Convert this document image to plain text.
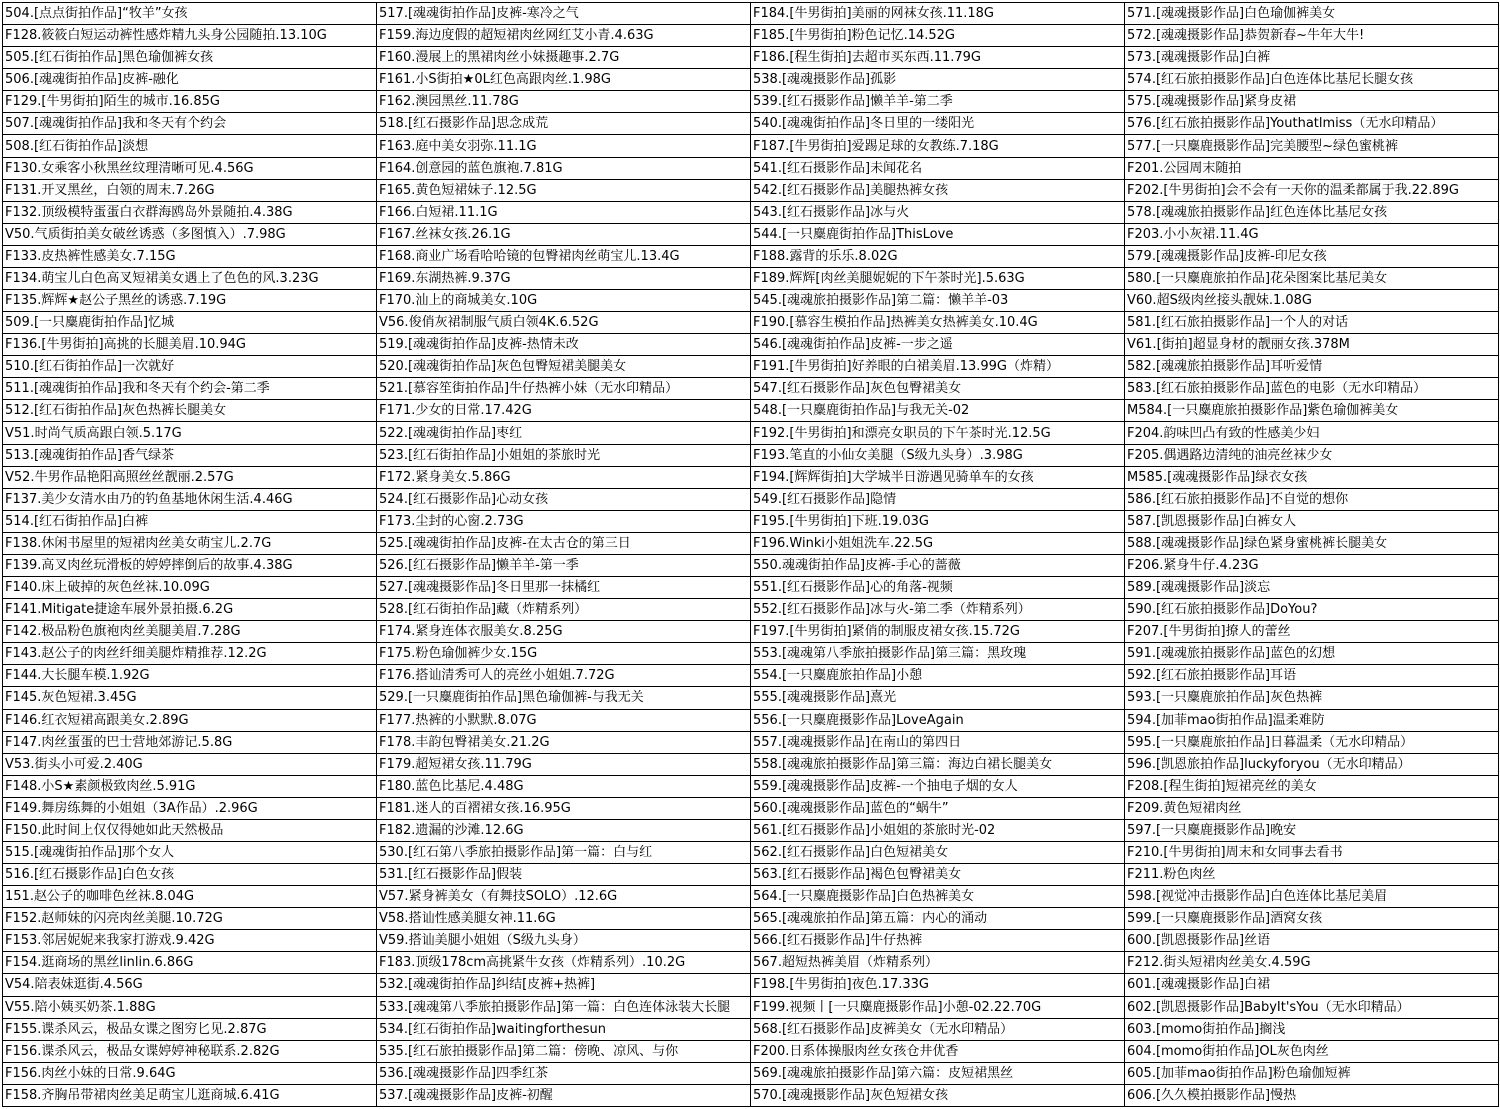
504.[点点街拍作品]“牧羊”女孩	517.[魂魂街拍作品]皮裤-寒冷之气	F184.[牛男街拍]美丽的网袜女孩.11.18G	571.[魂魂摄影作品]白色瑜伽裤美女
F128.筱筱白短运动裤性感炸精九头身公园随拍.13.10G	F159.海边度假的超短裙肉丝网红艾小青.4.63G	F185.[牛男街拍]粉色记忆.14.52G	572.[魂魂摄影作品]恭贺新春~牛年大牛!
505.[红石街拍作品]黑色瑜伽裤女孩	F160.漫展上的黑裙肉丝小妹摄趣事.2.7G	F186.[程生街拍]去超市买东西.11.79G	573.[魂魂摄影作品]白裤
506.[魂魂街拍作品]皮裤-融化	F161.小S街拍★0L红色高跟肉丝.1.98G	538.[魂魂摄影作品]孤影	574.[红石旅拍摄影作品]白色连体比基尼长腿女孩
F129.[牛男街拍]陌生的城市.16.85G	F162.澳园黑丝.11.78G	539.[红石摄影作品]懒羊羊-第二季	575.[魂魂摄影作品]紧身皮裙
507.[魂魂街拍作品]我和冬天有个约会	518.[红石摄影作品]思念成荒	540.[魂魂街拍作品]冬日里的一缕阳光	576.[红石旅拍摄影作品]Youthatlmiss（无水印精品）
508.[红石街拍作品]淡想	F163.庭中美女羽弥.11.1G	F187.[牛男街拍]爱踢足球的女教练.7.18G	577.[一只麋鹿摄影作品]完美腰型~绿色蜜桃裤
F130.女乘客小秋黑丝纹理清晰可见.4.56G	F164.创意园的蓝色旗袍.7.81G	541.[红石摄影作品]未闻花名	F201.公园周末随拍
F131.开叉黑丝，白领的周末.7.26G	F165.黄色短裙妹子.12.5G	542.[红石摄影作品]美腿热裤女孩	F202.[牛男街拍]会不会有一天你的温柔都属于我.22.89G
F132.顶级模特蛋蛋白衣群海鸥岛外景随拍.4.38G	F166.白短裙.11.1G	543.[红石摄影作品]冰与火	578.[魂魂旅拍摄影作品]红色连体比基尼女孩
V50.气质街拍美女破丝诱惑（多图慎入）.7.98G	F167.丝袜女孩.26.1G	544.[一只麋鹿街拍作品]ThisLove	F203.小小灰裙.11.4G
F133.皮热裤性感美女.7.15G	F168.商业广场看哈哈镜的包臀裙肉丝萌宝儿.13.4G	F188.露背的乐乐.8.02G	579.[魂魂摄影作品]皮裤-印尼女孩
F134.萌宝儿白色高叉短裙美女遇上了色色的风.3.23G	F169.东湖热裤.9.37G	F189.辉辉[肉丝美腿妮妮的下午茶时光].5.63G	580.[一只麋鹿旅拍作品]花朵图案比基尼美女
F135.辉辉★赵公子黑丝的诱惑.7.19G	F170.汕上的商城美女.10G	545.[魂魂旅拍摄影作品]第二篇：懒羊羊-03	V60.超S级肉丝接头靓妹.1.08G
509.[一只麋鹿街拍作品]忆城	V56.俊俏灰裙制服气质白领4K.6.52G	F190.[慕容生模拍作品]热裤美女热裤美女.10.4G	581.[红石旅拍摄影作品]一个人的对话
F136.[牛男街拍]高挑的长腿美眉.10.94G	519.[魂魂街拍作品]皮裤-热情未改	546.[魂魂街拍作品]皮裤-一步之遥	V61.[街拍]超显身材的靓丽女孩.378M
510.[红石街拍作品]一次就好	520.[魂魂街拍作品]灰色包臀短裙美腿美女	F191.[牛男街拍]好养眼的白裙美眉.13.99G（炸精）	582.[魂魂旅拍摄影作品]耳听爱情
511.[魂魂街拍作品]我和冬天有个约会-第二季	521.[慕容笙街拍作品]牛仔热裤小妹（无水印精品）	547.[红石摄影作品]灰色包臀裙美女	583.[红石旅拍摄影作品]蓝色的电影（无水印精品）
512.[红石街拍作品]灰色热裤长腿美女	F171.少女的日常.17.42G	548.[一只麋鹿街拍作品]与我无关-02	M584.[一只麋鹿旅拍摄影作品]紫色瑜伽裤美女
V51.时尚气质高跟白领.5.17G	522.[魂魂街拍作品]枣红	F192.[牛男街拍]和漂亮女职员的下午茶时光.12.5G	F204.韵味凹凸有致的性感美少妇
513.[魂魂街拍作品]香气绿茶	523.[红石街拍作品]小姐姐的茶旅时光	F193.笔直的小仙女美腿（S级九头身）.3.98G	F205.偶遇路边清纯的油亮丝袜少女
V52.牛男作品艳阳高照丝丝靓丽.2.57G	F172.紧身美女.5.86G	F194.[辉辉街拍]大学城半日游遇见骑单车的女孩	M585.[魂魂摄影作品]绿衣女孩
F137.美少女清水由乃的钓鱼基地休闲生活.4.46G	524.[红石摄影作品]心动女孩	549.[红石摄影作品]隐情	586.[红石旅拍摄影作品]不自觉的想你
514.[红石街拍作品]白裤	F173.尘封的心窗.2.73G	F195.[牛男街拍]下班.19.03G	587.[凯恩摄影作品]白裤女人
F138.休闲书屋里的短裙肉丝美女萌宝儿.2.7G	525.[魂魂街拍作品]皮裤-在太古仓的第三日	F196.Winki小姐姐洗车.22.5G	588.[魂魂摄影作品]绿色紧身蜜桃裤长腿美女
F139.高叉肉丝玩滑板的婷婷摔倒后的故事.4.38G	526.[红石摄影作品]懒羊羊-第一季	550.魂魂街拍作品]皮裤-手心的蔷薇	F206.紧身牛仔.4.23G
F140.床上破掉的灰色丝袜.10.09G	527.[魂魂摄影作品]冬日里那一抹橘红	551.[红石摄影作品]心的角落-视频	589.[魂魂摄影作品]淡忘
F141.Mitigate捷途车展外景拍摄.6.2G	528.[红石街拍作品]藏（炸精系列）	552.[红石摄影作品]冰与火-第二季（炸精系列）	590.[红石旅拍摄影作品]DoYou?
F142.极品粉色旗袍肉丝美腿美眉.7.28G	F174.紧身连体衣服美女.8.25G	F197.[牛男街拍]紧俏的制服皮裙女孩.15.72G	F207.[牛男街拍]撩人的蕾丝
F143.赵公子的肉丝纤细美腿炸精推荐.12.2G	F175.粉色瑜伽裤少女.15G	553.[魂魂第八季旅拍摄影作品]第三篇：黑玫瑰	591.[魂魂旅拍摄影作品]蓝色的幻想
F144.大长腿车模.1.92G	F176.搭讪清秀可人的亮丝小姐姐.7.72G	554.[一只麋鹿旅拍作品]小憩	592.[红石旅拍摄影作品]耳语
F145.灰色短裙.3.45G	529.[一只麋鹿街拍作品]黑色瑜伽裤-与我无关	555.[魂魂摄影作品]熹光	593.[一只麋鹿旅拍作品]灰色热裤
F146.红衣短裙高跟美女.2.89G	F177.热裤的小默默.8.07G	556.[一只麋鹿摄影作品]LoveAgain	594.[加菲mao街拍作品]温柔难防
F147.肉丝蛋蛋的巴士营地郊游记.5.8G	F178.丰韵包臀裙美女.21.2G	557.[魂魂摄影作品]在南山的第四日	595.[一只麋鹿旅拍作品]日暮温柔（无水印精品）
V53.街头小可爱.2.40G	F179.超短裙女孩.11.79G	558.[魂魂旅拍摄影作品]第三篇：海边白裙长腿美女	596.[凯恩旅拍作品]luckyforyou（无水印精品）
F148.小S★素颜极致肉丝.5.91G	F180.蓝色比基尼.4.48G	559.[魂魂摄影作品]皮裤-一个抽电子烟的女人	F208.[程生街拍]短裙亮丝的美女
F149.舞房练舞的小姐姐（3A作品）.2.96G	F181.迷人的百褶裙女孩.16.95G	560.[魂魂摄影作品]蓝色的“蜗牛”	F209.黄色短裙肉丝
F150.此时间上仅仅得她如此天然极品	F182.遗漏的沙滩.12.6G	561.[红石摄影作品]小姐姐的茶旅时光-02	597.[一只麋鹿摄影作品]晚安
515.[魂魂街拍作品]那个女人	530.[红石第八季旅拍摄影作品]第一篇：白与红	562.[红石摄影作品]白色短裙美女	F210.[牛男街拍]周末和女同事去看书
516.[红石摄影作品]白色女孩	531.[红石摄影作品]假装	563.[红石摄影作品]褐色包臀裙美女	F211.粉色肉丝
151.赵公子的咖啡色丝袜.8.04G	V57.紧身裤美女（有舞技SOLO）.12.6G	564.[一只麋鹿摄影作品]白色热裤美女	598.[视觉冲击摄影作品]白色连体比基尼美眉
F152.赵师妹的闪亮肉丝美腿.10.72G	V58.搭讪性感美腿女神.11.6G	565.[魂魂旅拍作品]第五篇：内心的涌动	599.[一只麋鹿摄影作品]酒窝女孩
F153.邻居妮妮来我家打游戏.9.42G	V59.搭讪美腿小姐姐（S级九头身）	566.[红石摄影作品]牛仔热裤	600.[凯恩摄影作品]丝语
F154.逛商场的黑丝linlin.6.86G	F183.顶级178cm高挑紧牛女孩（炸精系列）.10.2G	567.超短热裤美眉（炸精系列）	F212.街头短裙肉丝美女.4.59G
V54.陪表妹逛街.4.56G	532.[魂魂街拍作品]纠结[皮裤+热裤]	F198.[牛男街拍]夜色.17.33G	601.[魂魂摄影作品]白裙
V55.陪小姨买奶茶.1.88G	533.[魂魂第八季旅拍摄影作品]第一篇：白色连体泳装大长腿	F199.视频丨[一只麋鹿摄影作品]小憩-02.22.70G	602.[凯恩摄影作品]BabyIt'sYou（无水印精品）
F155.谍杀风云，极品女谍之图穷匕见.2.87G	534.[红石街拍作品]waitingforthesun	568.[红石摄影作品]皮裤美女（无水印精品）	603.[momo街拍作品]搁浅
F156.谍杀风云，极品女谍婷婷神秘联系.2.82G	535.[红石旅拍摄影作品]第二篇：傍晚、凉风、与你	F200.日系体操服肉丝女孩仓井优香	604.[momo街拍作品]OL灰色肉丝
F156.肉丝小妹的日常.9.64G	536.[魂魂摄影作品]四季红茶	569.[魂魂旅拍摄影作品]第六篇：皮短裙黑丝	605.[加菲mao街拍作品]粉色瑜伽短裤
F158.齐胸吊带裙肉丝美足萌宝儿逛商城.6.41G	537.[魂魂摄影作品]皮裤-初醒	570.[魂魂摄影作品]灰色短裙女孩	606.[久久模拍摄影作品]慢热
